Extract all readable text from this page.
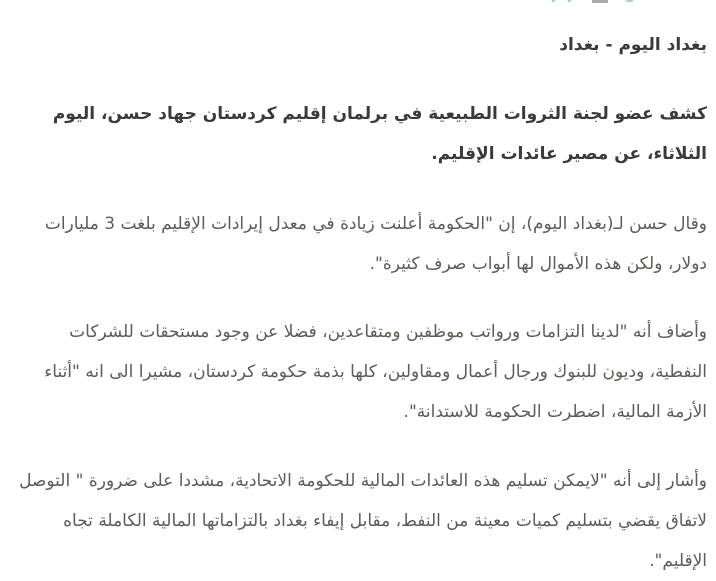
بغداد اليوم - بغداد

كشف عضو لجنة الثروات الطبيعية في برلمان إقليم كردستان جهاد حسن، اليوم الثلاثاء، عن مصير عائدات الإقليم.

وقال حسن لـ(بغداد اليوم)، إن "الحكومة أعلنت زيادة في معدل إيرادات الإقليم بلغت 3 مليارات دولار، ولكن هذه الأموال لها أبواب صرف كثيرة".

وأضاف أنه "لدينا التزامات ورواتب موظفين ومتقاعدين، فضلا عن وجود مستحقات للشركات النفطية، وديون للبنوك ورجال أعمال ومقاولين، كلها بذمة حكومة كردستان، مشيرا الى انه "أثناء الأزمة المالية، اضطرت الحكومة للاستدانة".

وأشار إلى أنه "لايمكن تسليم هذه العائدات المالية للحكومة الاتحادية، مشددا على ضرورة " التوصل لاتفاق يقضي بتسليم كميات معينة من النفط، مقابل إيفاء بغداد بالتزاماتها المالية الكاملة تجاه الإقليم".
